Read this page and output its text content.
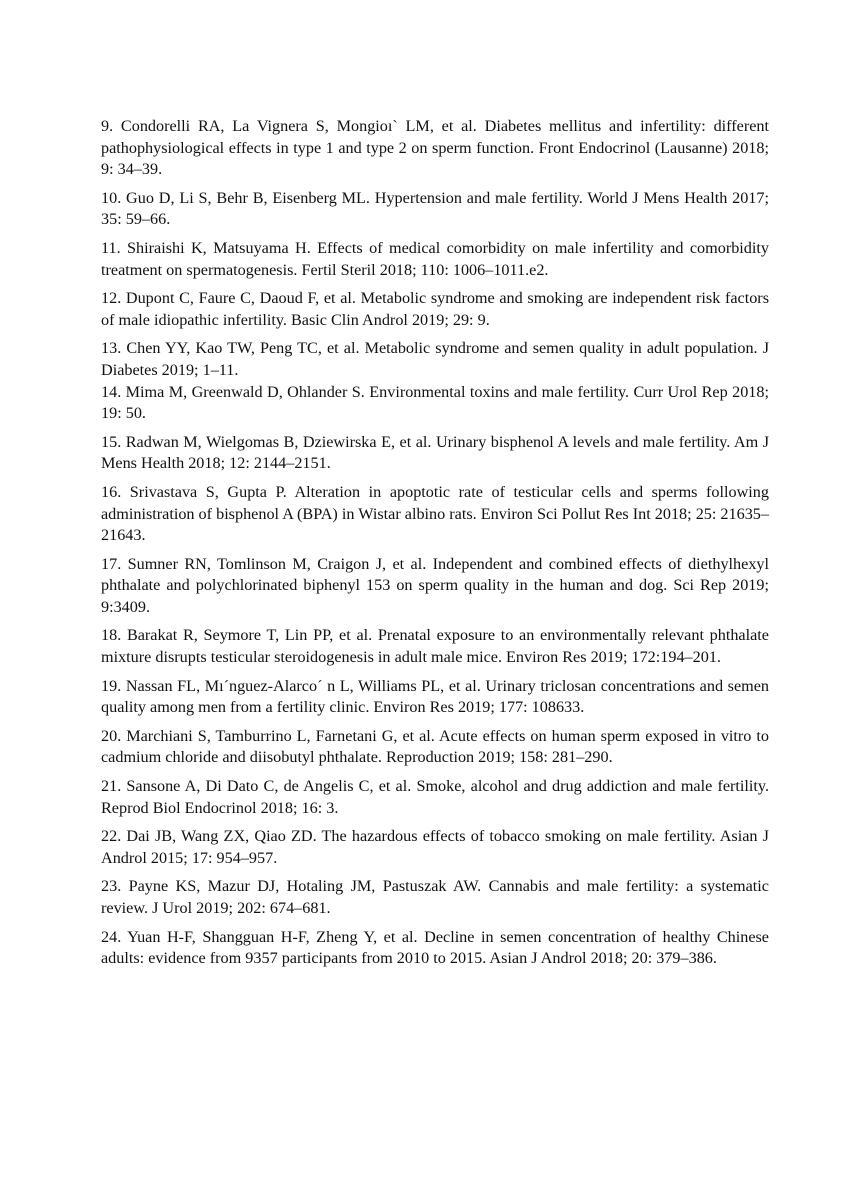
9. Condorelli RA, La Vignera S, Mongioı` LM, et al. Diabetes mellitus and infertility: different pathophysiological effects in type 1 and type 2 on sperm function. Front Endocrinol (Lausanne) 2018; 9: 34–39.

10. Guo D, Li S, Behr B, Eisenberg ML. Hypertension and male fertility. World J Mens Health 2017; 35: 59–66.

11. Shiraishi K, Matsuyama H. Effects of medical comorbidity on male infertility and comorbidity treatment on spermatogenesis. Fertil Steril 2018; 110: 1006–1011.e2.

12. Dupont C, Faure C, Daoud F, et al. Metabolic syndrome and smoking are independent risk factors of male idiopathic infertility. Basic Clin Androl 2019; 29: 9.

13. Chen YY, Kao TW, Peng TC, et al. Metabolic syndrome and semen quality in adult population. J Diabetes 2019; 1–11.

14. Mima M, Greenwald D, Ohlander S. Environmental toxins and male fertility. Curr Urol Rep 2018; 19: 50.

15. Radwan M, Wielgomas B, Dziewirska E, et al. Urinary bisphenol A levels and male fertility. Am J Mens Health 2018; 12: 2144–2151.

16. Srivastava S, Gupta P. Alteration in apoptotic rate of testicular cells and sperms following administration of bisphenol A (BPA) in Wistar albino rats. Environ Sci Pollut Res Int 2018; 25: 21635–21643.

17. Sumner RN, Tomlinson M, Craigon J, et al. Independent and combined effects of diethylhexyl phthalate and polychlorinated biphenyl 153 on sperm quality in the human and dog. Sci Rep 2019; 9:3409.

18. Barakat R, Seymore T, Lin PP, et al. Prenatal exposure to an environmentally relevant phthalate mixture disrupts testicular steroidogenesis in adult male mice. Environ Res 2019; 172:194–201.

19. Nassan FL, Mı´nguez-Alarco´ n L, Williams PL, et al. Urinary triclosan concentrations and semen quality among men from a fertility clinic. Environ Res 2019; 177: 108633.

20. Marchiani S, Tamburrino L, Farnetani G, et al. Acute effects on human sperm exposed in vitro to cadmium chloride and diisobutyl phthalate. Reproduction 2019; 158: 281–290.

21. Sansone A, Di Dato C, de Angelis C, et al. Smoke, alcohol and drug addiction and male fertility. Reprod Biol Endocrinol 2018; 16: 3.

22. Dai JB, Wang ZX, Qiao ZD. The hazardous effects of tobacco smoking on male fertility. Asian J Androl 2015; 17: 954–957.

23. Payne KS, Mazur DJ, Hotaling JM, Pastuszak AW. Cannabis and male fertility: a systematic review. J Urol 2019; 202: 674–681.

24. Yuan H-F, Shangguan H-F, Zheng Y, et al. Decline in semen concentration of healthy Chinese adults: evidence from 9357 participants from 2010 to 2015. Asian J Androl 2018; 20: 379–386.
